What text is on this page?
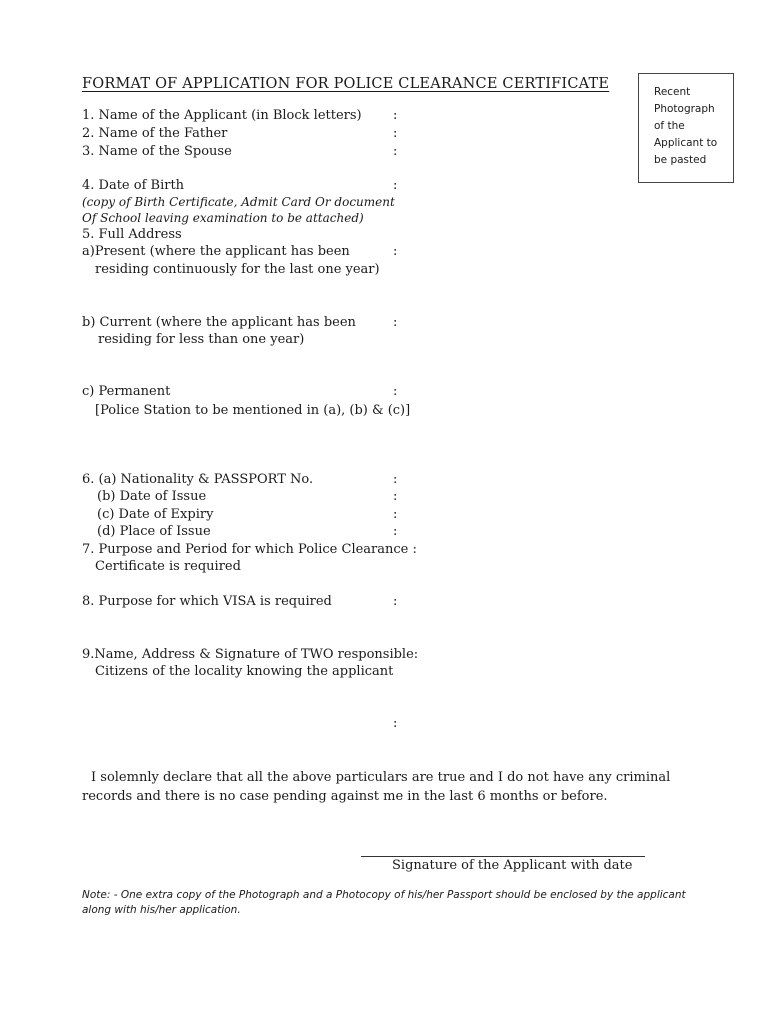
FORMAT OF APPLICATION FOR POLICE CLEARANCE CERTIFICATE	Recent
Photograph
of the
Applicant to
be pasted
1. Name of the Applicant (in Block letters) :
2. Name of the Father	:
3. Name of the Spouse	:
4. Date of Birth	:
(copy of Birth Certificate, Admit Card Or document
Of School leaving examination to be attached)
5. Full Address
a)Present (where the applicant has been	:
residing continuously for the last one year)
b) Current (where the applicant has been	:
residing for less than one year)
c) Permanent	:
[Police Station to be mentioned in (a), (b) & (c)]
6. (a) Nationality & PASSPORT No.	:
(b) Date of Issue	:
(c) Date of Expiry	:
(d) Place of Issue	:
7. Purpose and Period for which Police Clearance :
Certificate is required
8. Purpose for which VISA is required	:
9.Name, Address & Signature of TWO responsible:
Citizens of the locality knowing the applicant
:
I solemnly declare that all the above particulars are true and I do not have any criminal
records and there is no case pending against me in the last 6 months or before.
Signature of the Applicant with date
Note: - One extra copy of the Photograph and a Photocopy of his/her Passport should be enclosed by the applicant
along with his/her application.
